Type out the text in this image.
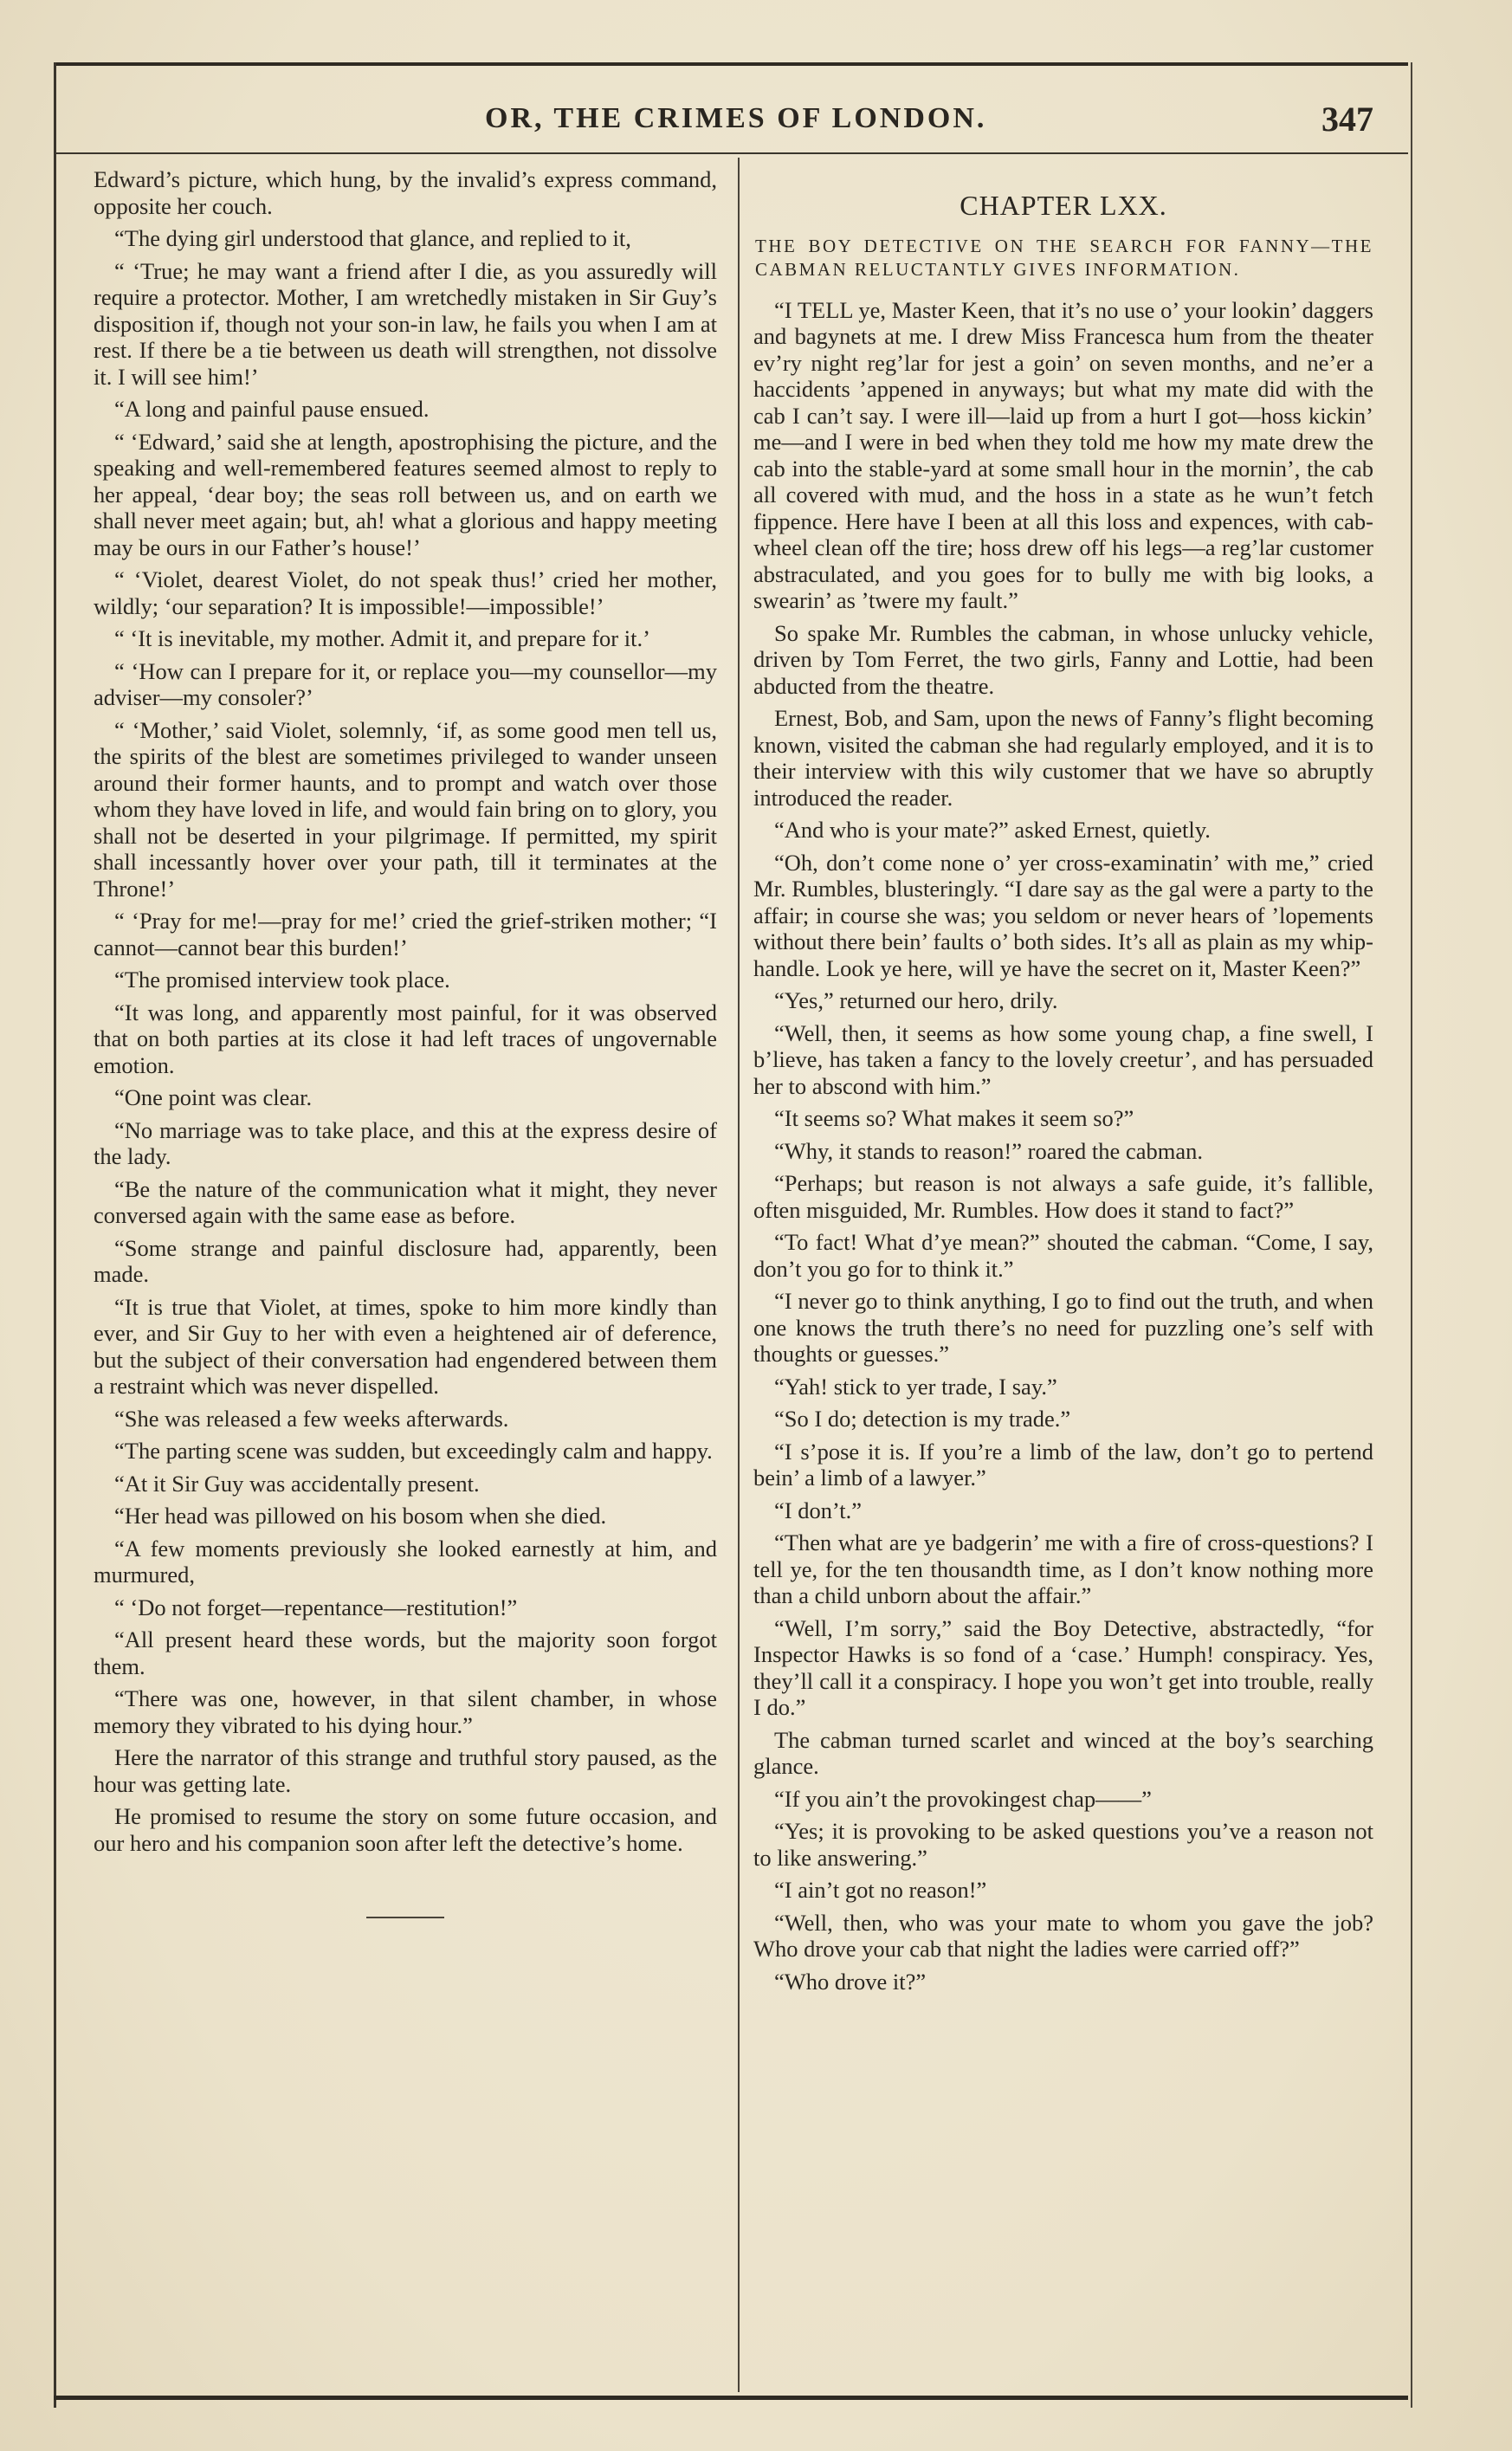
OR, THE CRIMES OF LONDON.	347

Edward’s picture, which hung, by the invalid’s express command, opposite her couch.

“The dying girl understood that glance, and replied to it,

“ ‘True; he may want a friend after I die, as you assuredly will require a protector. Mother, I am wretchedly mistaken in Sir Guy’s disposition if, though not your son-in law, he fails you when I am at rest. If there be a tie between us death will strengthen, not dissolve it. I will see him!’

“A long and painful pause ensued.

“ ‘Edward,’ said she at length, apostrophising the picture, and the speaking and well-remembered features seemed almost to reply to her appeal, ‘dear boy; the seas roll between us, and on earth we shall never meet again; but, ah! what a glorious and happy meeting may be ours in our Father’s house!’

“ ‘Violet, dearest Violet, do not speak thus!’ cried her mother, wildly; ‘our separation? It is impossible!—impossible!’

“ ‘It is inevitable, my mother. Admit it, and prepare for it.’

“ ‘How can I prepare for it, or replace you—my counsellor—my adviser—my consoler?’

“ ‘Mother,’ said Violet, solemnly, ‘if, as some good men tell us, the spirits of the blest are sometimes privileged to wander unseen around their former haunts, and to prompt and watch over those whom they have loved in life, and would fain bring on to glory, you shall not be deserted in your pilgrimage. If permitted, my spirit shall incessantly hover over your path, till it terminates at the Throne!’

“ ‘Pray for me!—pray for me!’ cried the grief-striken mother; “I cannot—cannot bear this burden!’

“The promised interview took place.

“It was long, and apparently most painful, for it was observed that on both parties at its close it had left traces of ungovernable emotion.

“One point was clear.

“No marriage was to take place, and this at the express desire of the lady.

“Be the nature of the communication what it might, they never conversed again with the same ease as before.

“Some strange and painful disclosure had, apparently, been made.

“It is true that Violet, at times, spoke to him more kindly than ever, and Sir Guy to her with even a heightened air of deference, but the subject of their conversation had engendered between them a restraint which was never dispelled.

“She was released a few weeks afterwards.

“The parting scene was sudden, but exceedingly calm and happy.

“At it Sir Guy was accidentally present.

“Her head was pillowed on his bosom when she died.

“A few moments previously she looked earnestly at him, and murmured,

“ ‘Do not forget—repentance—restitution!”

“All present heard these words, but the majority soon forgot them.

“There was one, however, in that silent chamber, in whose memory they vibrated to his dying hour.”

Here the narrator of this strange and truthful story paused, as the hour was getting late.

He promised to resume the story on some future occasion, and our hero and his companion soon after left the detective’s home.

CHAPTER LXX.
THE BOY DETECTIVE ON THE SEARCH FOR FANNY—THE CABMAN RELUCTANTLY GIVES INFORMATION.

“I TELL ye, Master Keen, that it’s no use o’ your lookin’ daggers and bagynets at me. I drew Miss Francesca hum from the theater ev’ry night reg’lar for jest a goin’ on seven months, and ne’er a haccidents ’appened in anyways; but what my mate did with the cab I can’t say. I were ill—laid up from a hurt I got—hoss kickin’ me—and I were in bed when they told me how my mate drew the cab into the stable-yard at some small hour in the mornin’, the cab all covered with mud, and the hoss in a state as he wun’t fetch fippence. Here have I been at all this loss and expences, with cab-wheel clean off the tire; hoss drew off his legs—a reg’lar customer abstraculated, and you goes for to bully me with big looks, a swearin’ as ’twere my fault.”

So spake Mr. Rumbles the cabman, in whose unlucky vehicle, driven by Tom Ferret, the two girls, Fanny and Lottie, had been abducted from the theatre.

Ernest, Bob, and Sam, upon the news of Fanny’s flight becoming known, visited the cabman she had regularly employed, and it is to their interview with this wily customer that we have so abruptly introduced the reader.

“And who is your mate?” asked Ernest, quietly.

“Oh, don’t come none o’ yer cross-examinatin’ with me,” cried Mr. Rumbles, blusteringly. “I dare say as the gal were a party to the affair; in course she was; you seldom or never hears of ’lopements without there bein’ faults o’ both sides. It’s all as plain as my whip-handle. Look ye here, will ye have the secret on it, Master Keen?”

“Yes,” returned our hero, drily.

“Well, then, it seems as how some young chap, a fine swell, I b’lieve, has taken a fancy to the lovely creetur’, and has persuaded her to abscond with him.”

“It seems so? What makes it seem so?”

“Why, it stands to reason!” roared the cabman.

“Perhaps; but reason is not always a safe guide, it’s fallible, often misguided, Mr. Rumbles. How does it stand to fact?”

“To fact! What d’ye mean?” shouted the cabman. “Come, I say, don’t you go for to think it.”

“I never go to think anything, I go to find out the truth, and when one knows the truth there’s no need for puzzling one’s self with thoughts or guesses.”

“Yah! stick to yer trade, I say.”

“So I do; detection is my trade.”

“I s’pose it is. If you’re a limb of the law, don’t go to pertend bein’ a limb of a lawyer.”

“I don’t.”

“Then what are ye badgerin’ me with a fire of cross-questions? I tell ye, for the ten thousandth time, as I don’t know nothing more than a child unborn about the affair.”

“Well, I’m sorry,” said the Boy Detective, abstractedly, “for Inspector Hawks is so fond of a ‘case.’ Humph! conspiracy. Yes, they’ll call it a conspiracy. I hope you won’t get into trouble, really I do.”

The cabman turned scarlet and winced at the boy’s searching glance.

“If you ain’t the provokingest chap——”

“Yes; it is provoking to be asked questions you’ve a reason not to like answering.”

“I ain’t got no reason!”

“Well, then, who was your mate to whom you gave the job? Who drove your cab that night the ladies were carried off?”

“Who drove it?”
